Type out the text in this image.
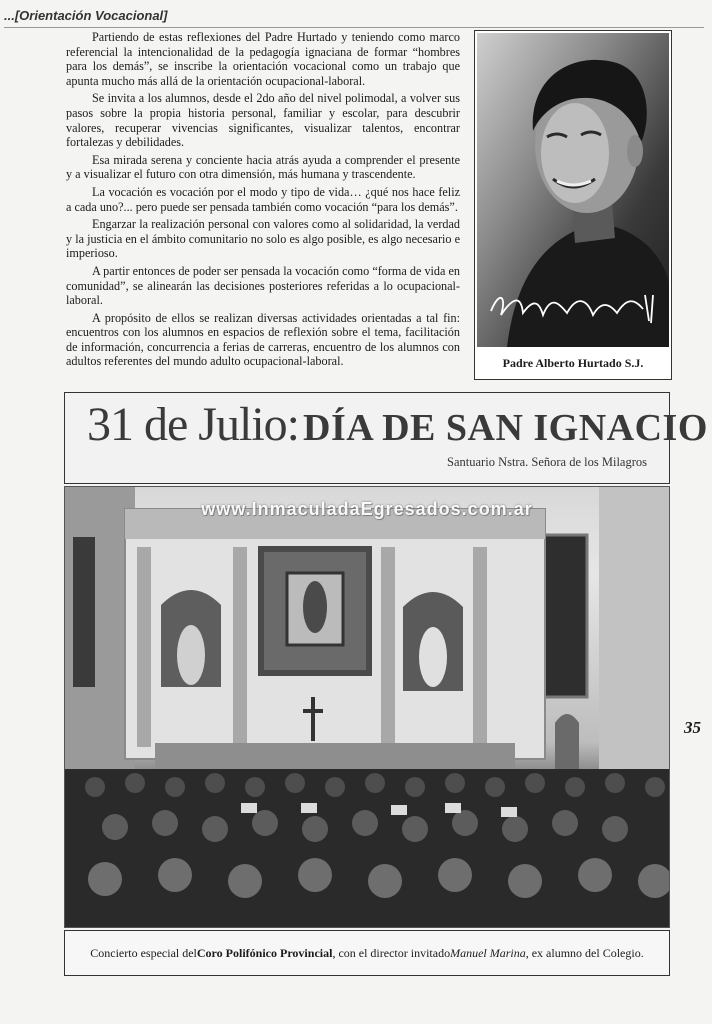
...[Orientación Vocacional]

Partiendo de estas reflexiones del Padre Hurtado y teniendo como marco referencial la intencionalidad de la pedagogía ignaciana de formar “hombres para los demás”, se inscribe la orientación vocacional como un trabajo que apunta mucho más allá de la orientación ocupacional-laboral.

Se invita a los alumnos, desde el 2do año del nivel polimodal, a volver sus pasos sobre la propia historia personal, familiar y escolar, para descubrir valores, recuperar vivencias significantes, visualizar talentos, encontrar fortalezas y debilidades.

Esa mirada serena y conciente hacia atrás ayuda a comprender el presente y a visualizar el futuro con otra dimensión, más humana y trascendente.

La vocación es vocación por el modo y tipo de vida… ¿qué nos hace feliz a cada uno?... pero puede ser pensada también como vocación “para los demás”.

Engarzar la realización personal con valores como al solidaridad, la verdad y la justicia en el ámbito comunitario no solo es algo posible, es algo necesario e imperioso.

A partir entonces de poder ser pensada la vocación como “forma de vida en comunidad”, se alinearán las decisiones posteriores referidas a lo ocupacional-laboral.

A propósito de ellos se realizan diversas actividades orientadas a tal fin: encuentros con los alumnos en espacios de reflexión sobre el tema, facilitación de información, concurrencia a ferias de carreras, encuentro de los alumnos con adultos referentes del mundo adulto ocupacional-laboral.	Padre Alberto Hurtado S.J.
31 de Julio: DÍA DE SAN IGNACIO
Santuario Nstra. Señora de los Milagros
www.InmaculadaEgresados.com.ar
Concierto especial del Coro Polifónico Provincial , con el director invitado Manuel Marina , ex alumno del Colegio.
35
